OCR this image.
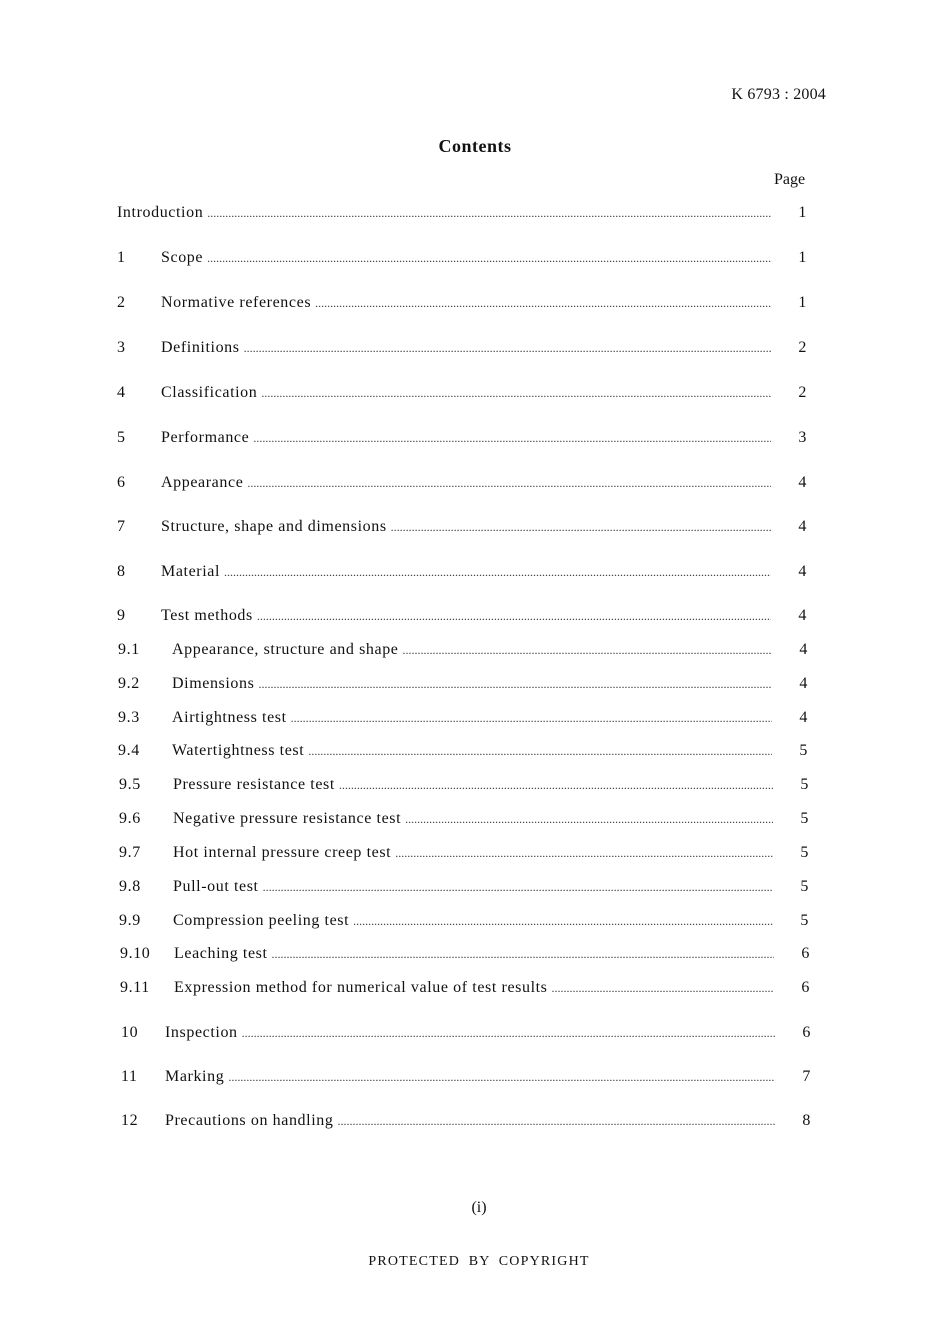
K 6793 : 2004
Contents
Page
Introduction .....	1
1	Scope .....	1
2	Normative references .....	1
3	Definitions .....	2
4	Classification .....	2
5	Performance .....	3
6	Appearance .....	4
7	Structure, shape and dimensions .....	4
8	Material .....	4
9	Test methods .....	4
9.1	Appearance, structure and shape .....	4
9.2	Dimensions .....	4
9.3	Airtightness test .....	4
9.4	Watertightness test .....	5
9.5	Pressure resistance test .....	5
9.6	Negative pressure resistance test .....	5
9.7	Hot internal pressure creep test .....	5
9.8	Pull-out test .....	5
9.9	Compression peeling test .....	5
9.10	Leaching test .....	6
9.11	Expression method for numerical value of test results .....	6
10	Inspection .....	6
11	Marking .....	7
12	Precautions on handling .....	8
(i)
PROTECTED BY COPYRIGHT
